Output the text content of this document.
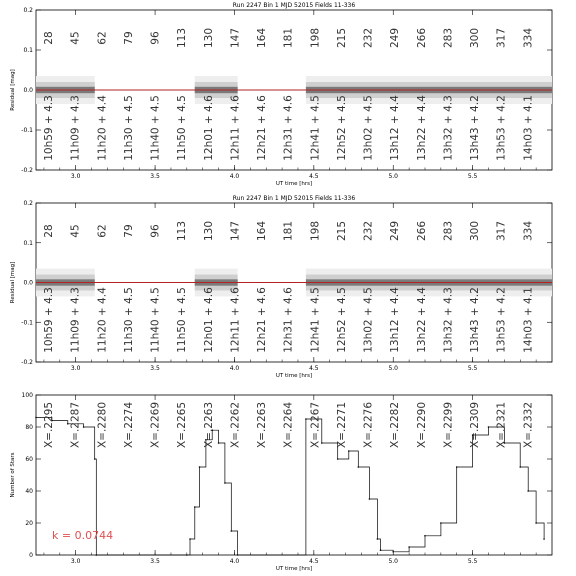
Run 2247 Bin 1 MJD 52015 Fields 11-336
3.0	3.5	4.0	4.5	5.0	5.5
-0.2
-0.1
0.0
0.1
0.2
UT time [hrs]
Residual [mag]
28
10h59 + 4.3
45
11h09 + 4.3
62
11h20 + 4.4
79
11h30 + 4.5
96
11h40 + 4.5
113
11h50 + 4.5
130
12h01 + 4.6
147
12h11 + 4.6
164
12h21 + 4.6
181
12h31 + 4.6
198
12h41 + 4.5
215
12h52 + 4.5
232
13h02 + 4.5
249
13h12 + 4.4
266
13h22 + 4.4
283
13h32 + 4.3
300
13h43 + 4.2
317
13h53 + 4.2
334
14h03 + 4.1
Run 2247 Bin 1 MJD 52015 Fields 11-336
3.0	3.5	4.0	4.5	5.0	5.5
-0.2
-0.1
0.0
0.1
0.2
UT time [hrs]
Residual [mag]
28
10h59 + 4.3
45
11h09 + 4.3
62
11h20 + 4.4
79
11h30 + 4.5
96
11h40 + 4.5
113
11h50 + 4.5
130
12h01 + 4.6
147
12h11 + 4.6
164
12h21 + 4.6
181
12h31 + 4.6
198
12h41 + 4.5
215
12h52 + 4.5
232
13h02 + 4.5
249
13h12 + 4.4
266
13h22 + 4.4
283
13h32 + 4.3
300
13h43 + 4.2
317
13h53 + 4.2
334
14h03 + 4.1
3.0	3.5	4.0	4.5	5.0	5.5
0
20
40
60
80
100
UT time [hrs]
Number of Stars
X=.2295 X=.2287 X=.2280 X=.2274 X=.2269 X=.2265 X=.2263 X=.2262 X=.2263 X=.2264 X=.2267 X=.2271 X=.2276 X=.2282 X=.2290 X=.2299 X=.2309 X=.2321 X=.2332
k = 0.0744
